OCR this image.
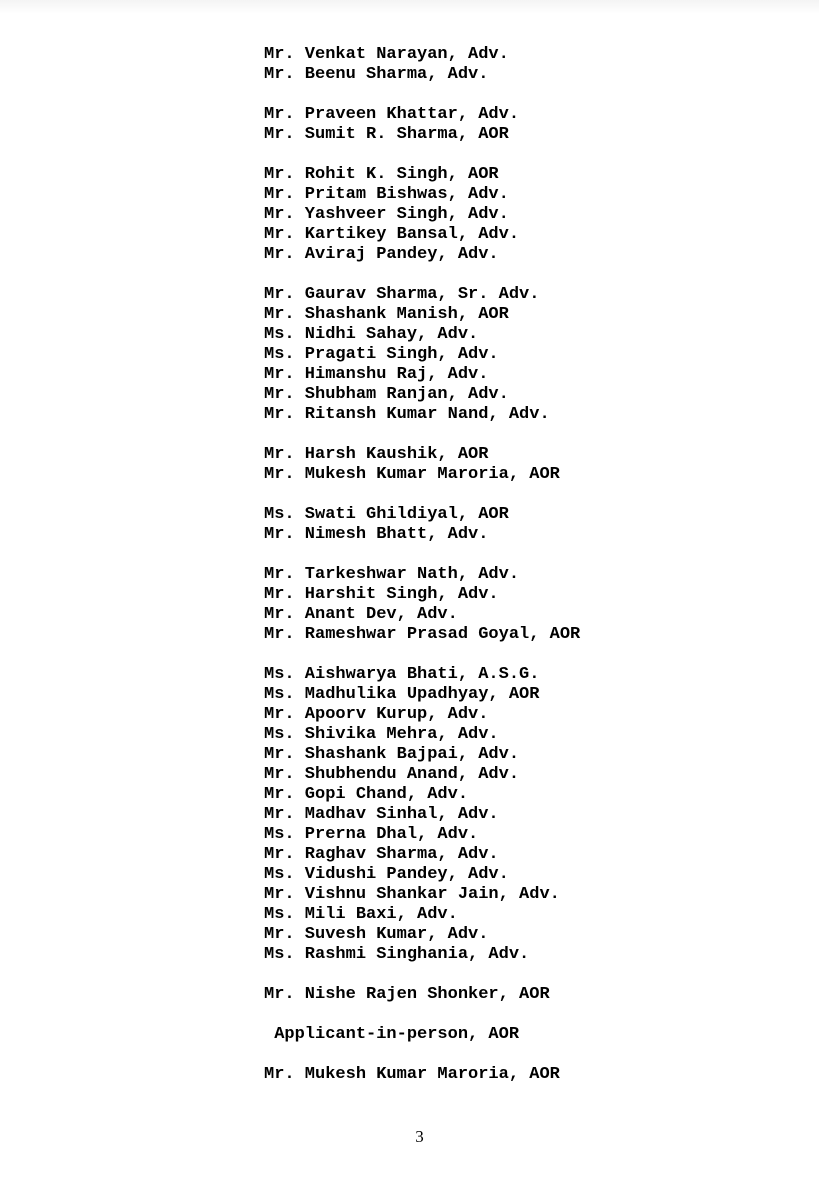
Mr. Venkat Narayan, Adv.
Mr. Beenu Sharma, Adv.
Mr. Praveen Khattar, Adv.
Mr. Sumit R. Sharma, AOR
Mr. Rohit K. Singh, AOR
Mr. Pritam Bishwas, Adv.
Mr. Yashveer Singh, Adv.
Mr. Kartikey Bansal, Adv.
Mr. Aviraj Pandey, Adv.
Mr. Gaurav Sharma, Sr. Adv.
Mr. Shashank Manish, AOR
Ms. Nidhi Sahay, Adv.
Ms. Pragati Singh, Adv.
Mr. Himanshu Raj, Adv.
Mr. Shubham Ranjan, Adv.
Mr. Ritansh Kumar Nand, Adv.
Mr. Harsh Kaushik, AOR
Mr. Mukesh Kumar Maroria, AOR
Ms. Swati Ghildiyal, AOR
Mr. Nimesh Bhatt, Adv.
Mr. Tarkeshwar Nath, Adv.
Mr. Harshit Singh, Adv.
Mr. Anant Dev, Adv.
Mr. Rameshwar Prasad Goyal, AOR
Ms. Aishwarya Bhati, A.S.G.
Ms. Madhulika Upadhyay, AOR
Mr. Apoorv Kurup, Adv.
Ms. Shivika Mehra, Adv.
Mr. Shashank Bajpai, Adv.
Mr. Shubhendu Anand, Adv.
Mr. Gopi Chand, Adv.
Mr. Madhav Sinhal, Adv.
Ms. Prerna Dhal, Adv.
Mr. Raghav Sharma, Adv.
Ms. Vidushi Pandey, Adv.
Mr. Vishnu Shankar Jain, Adv.
Ms. Mili Baxi, Adv.
Mr. Suvesh Kumar, Adv.
Ms. Rashmi Singhania, Adv.
Mr. Nishe Rajen Shonker, AOR
Applicant-in-person, AOR
Mr. Mukesh Kumar Maroria, AOR
3
